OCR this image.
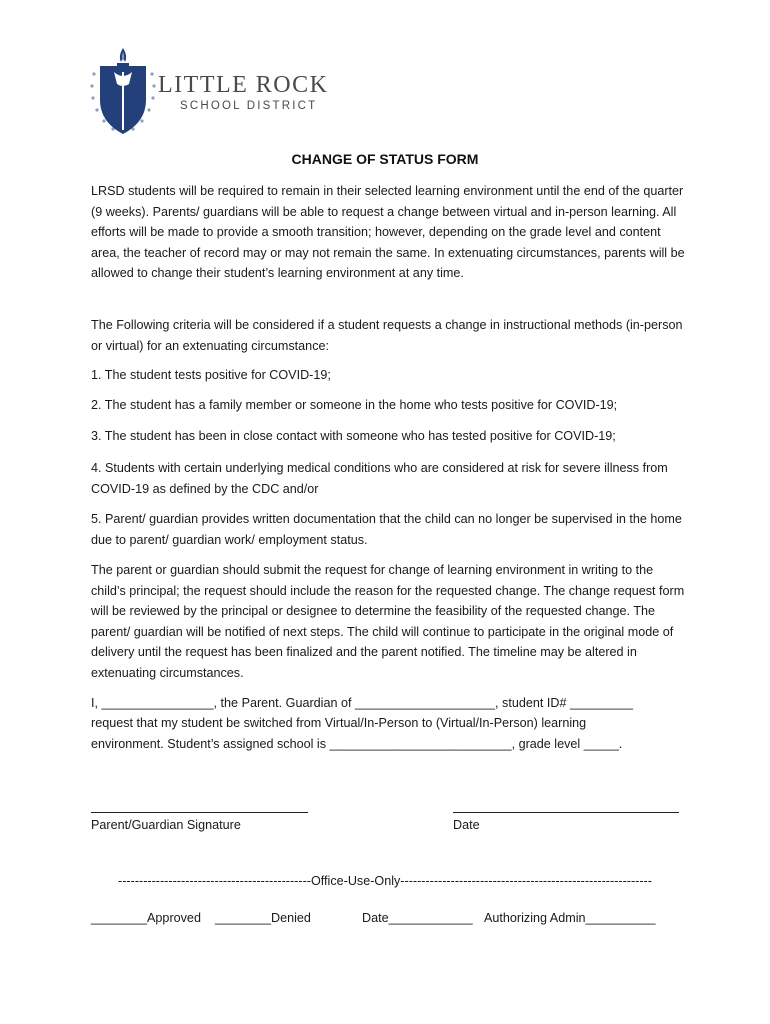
LITTLE ROCK
SCHOOL DISTRICT
CHANGE OF STATUS FORM

LRSD students will be required to remain in their selected learning environment until the end of the quarter (9 weeks). Parents/ guardians will be able to request a change between virtual and in-person learning. All efforts will be made to provide a smooth transition; however, depending on the grade level and content area, the teacher of record may or may not remain the same. In extenuating circumstances, parents will be allowed to change their student’s learning environment at any time.

The Following criteria will be considered if a student requests a change in instructional methods (in-person or virtual) for an extenuating circumstance:

1. The student tests positive for COVID-19;
2. The student has a family member or someone in the home who tests positive for COVID-19;
3. The student has been in close contact with someone who has tested positive for COVID-19;

4. Students with certain underlying medical conditions who are considered at risk for severe illness from COVID-19 as defined by the CDC and/or

5. Parent/ guardian provides written documentation that the child can no longer be supervised in the home due to parent/ guardian work/ employment status.

The parent or guardian should submit the request for change of learning environment in writing to the child’s principal; the request should include the reason for the requested change. The change request form will be reviewed by the principal or designee to determine the feasibility of the requested change. The parent/ guardian will be notified of next steps. The child will continue to participate in the original mode of delivery until the request has been finalized and the parent notified. The timeline may be altered in extenuating circumstances.

I, ________________, the Parent. Guardian of ____________________, student ID# _________
request that my student be switched from Virtual/In-Person to (Virtual/In-Person) learning
environment. Student’s assigned school is __________________________, grade level _____.
Parent/Guardian Signature	Date
----------------------------------------------Office-Use-Only------------------------------------------------------------
________Approved ________Denied	Date____________ Authorizing Admin__________
